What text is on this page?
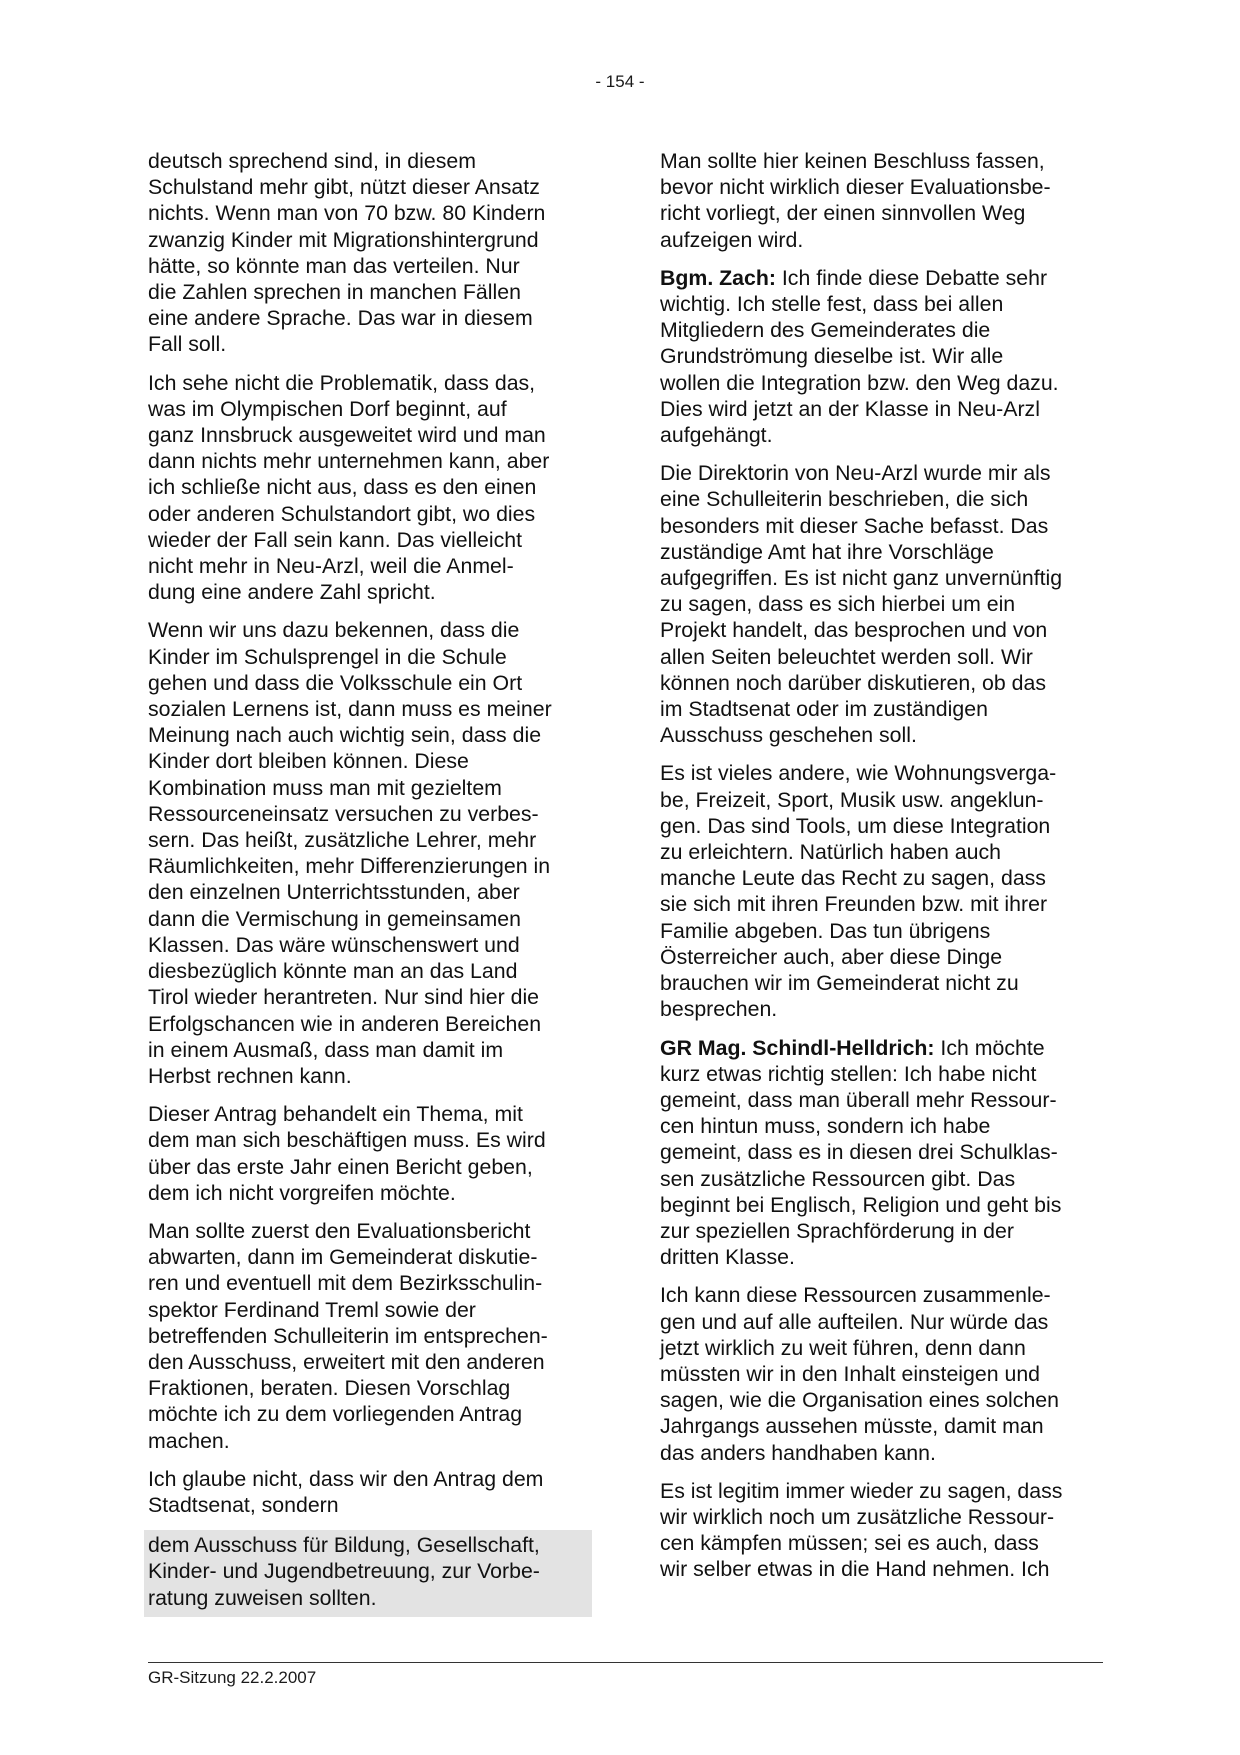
- 154 -

deutsch sprechend sind, in diesem
Schulstand mehr gibt, nützt dieser Ansatz
nichts. Wenn man von 70 bzw. 80 Kindern
zwanzig Kinder mit Migrationshintergrund
hätte, so könnte man das verteilen. Nur
die Zahlen sprechen in manchen Fällen
eine andere Sprache. Das war in diesem
Fall soll.

Ich sehe nicht die Problematik, dass das,
was im Olympischen Dorf beginnt, auf
ganz Innsbruck ausgeweitet wird und man
dann nichts mehr unternehmen kann, aber
ich schließe nicht aus, dass es den einen
oder anderen Schulstandort gibt, wo dies
wieder der Fall sein kann. Das vielleicht
nicht mehr in Neu-Arzl, weil die Anmel-
dung eine andere Zahl spricht.

Wenn wir uns dazu bekennen, dass die
Kinder im Schulsprengel in die Schule
gehen und dass die Volksschule ein Ort
sozialen Lernens ist, dann muss es meiner
Meinung nach auch wichtig sein, dass die
Kinder dort bleiben können. Diese
Kombination muss man mit gezieltem
Ressourceneinsatz versuchen zu verbes-
sern. Das heißt, zusätzliche Lehrer, mehr
Räumlichkeiten, mehr Differenzierungen in
den einzelnen Unterrichtsstunden, aber
dann die Vermischung in gemeinsamen
Klassen. Das wäre wünschenswert und
diesbezüglich könnte man an das Land
Tirol wieder herantreten. Nur sind hier die
Erfolgschancen wie in anderen Bereichen
in einem Ausmaß, dass man damit im
Herbst rechnen kann.

Dieser Antrag behandelt ein Thema, mit
dem man sich beschäftigen muss. Es wird
über das erste Jahr einen Bericht geben,
dem ich nicht vorgreifen möchte.

Man sollte zuerst den Evaluationsbericht
abwarten, dann im Gemeinderat diskutie-
ren und eventuell mit dem Bezirksschulin-
spektor Ferdinand Treml sowie der
betreffenden Schulleiterin im entsprechen-
den Ausschuss, erweitert mit den anderen
Fraktionen, beraten. Diesen Vorschlag
möchte ich zu dem vorliegenden Antrag
machen.

Ich glaube nicht, dass wir den Antrag dem
Stadtsenat, sondern

dem Ausschuss für Bildung, Gesellschaft,
Kinder- und Jugendbetreuung, zur Vorbe-
ratung zuweisen sollten.

Man sollte hier keinen Beschluss fassen,
bevor nicht wirklich dieser Evaluationsbe-
richt vorliegt, der einen sinnvollen Weg
aufzeigen wird.

Bgm. Zach: Ich finde diese Debatte sehr
wichtig. Ich stelle fest, dass bei allen
Mitgliedern des Gemeinderates die
Grundströmung dieselbe ist. Wir alle
wollen die Integration bzw. den Weg dazu.
Dies wird jetzt an der Klasse in Neu-Arzl
aufgehängt.

Die Direktorin von Neu-Arzl wurde mir als
eine Schulleiterin beschrieben, die sich
besonders mit dieser Sache befasst. Das
zuständige Amt hat ihre Vorschläge
aufgegriffen. Es ist nicht ganz unvernünftig
zu sagen, dass es sich hierbei um ein
Projekt handelt, das besprochen und von
allen Seiten beleuchtet werden soll. Wir
können noch darüber diskutieren, ob das
im Stadtsenat oder im zuständigen
Ausschuss geschehen soll.

Es ist vieles andere, wie Wohnungsverga-
be, Freizeit, Sport, Musik usw. angeklun-
gen. Das sind Tools, um diese Integration
zu erleichtern. Natürlich haben auch
manche Leute das Recht zu sagen, dass
sie sich mit ihren Freunden bzw. mit ihrer
Familie abgeben. Das tun übrigens
Österreicher auch, aber diese Dinge
brauchen wir im Gemeinderat nicht zu
besprechen.

GR Mag. Schindl-Helldrich: Ich möchte
kurz etwas richtig stellen: Ich habe nicht
gemeint, dass man überall mehr Ressour-
cen hintun muss, sondern ich habe
gemeint, dass es in diesen drei Schulklas-
sen zusätzliche Ressourcen gibt. Das
beginnt bei Englisch, Religion und geht bis
zur speziellen Sprachförderung in der
dritten Klasse.

Ich kann diese Ressourcen zusammenle-
gen und auf alle aufteilen. Nur würde das
jetzt wirklich zu weit führen, denn dann
müssten wir in den Inhalt einsteigen und
sagen, wie die Organisation eines solchen
Jahrgangs aussehen müsste, damit man
das anders handhaben kann.

Es ist legitim immer wieder zu sagen, dass
wir wirklich noch um zusätzliche Ressour-
cen kämpfen müssen; sei es auch, dass
wir selber etwas in die Hand nehmen. Ich

GR-Sitzung 22.2.2007
